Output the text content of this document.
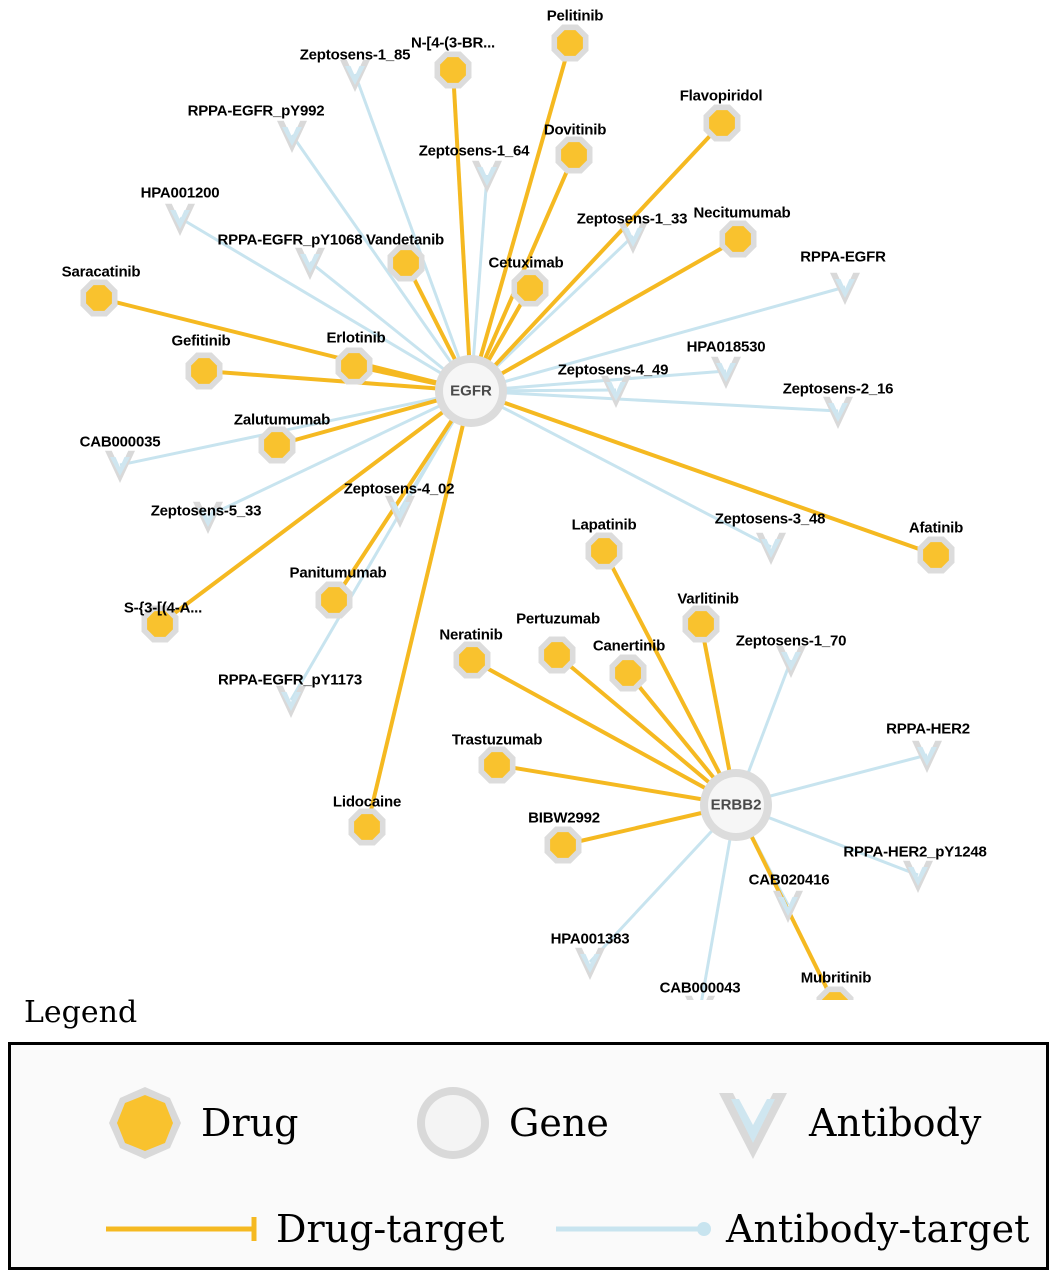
Zeptosens-1_85
RPPA-EGFR_pY992
Zeptosens-1_64
HPA001200
Zeptosens-1_33
RPPA-EGFR_pY1068
RPPA-EGFR
HPA018530
Zeptosens-4_49
Zeptosens-2_16
CAB000035
Zeptosens-5_33
Zeptosens-4_02
Zeptosens-3_48
Zeptosens-1_70
RPPA-EGFR_pY1173
RPPA-HER2
RPPA-HER2_pY1248
CAB020416
HPA001383
CAB000043
Pelitinib
N-[4-(3-BR...
Flavopiridol
Dovitinib
Necitumumab
Vandetanib
Cetuximab
Saracatinib
Gefitinib	Erlotinib
Zalutumumab
Afatinib
Lapatinib
Varlitinib
Pertuzumab
Canertinib
Neratinib
Panitumumab
S-{3-[(4-A...
Trastuzumab
BIBW2992
Lidocaine
Mubritinib
EGFR
ERBB2
Legend
Drug	Gene	Antibody
Drug-target	Antibody-target
